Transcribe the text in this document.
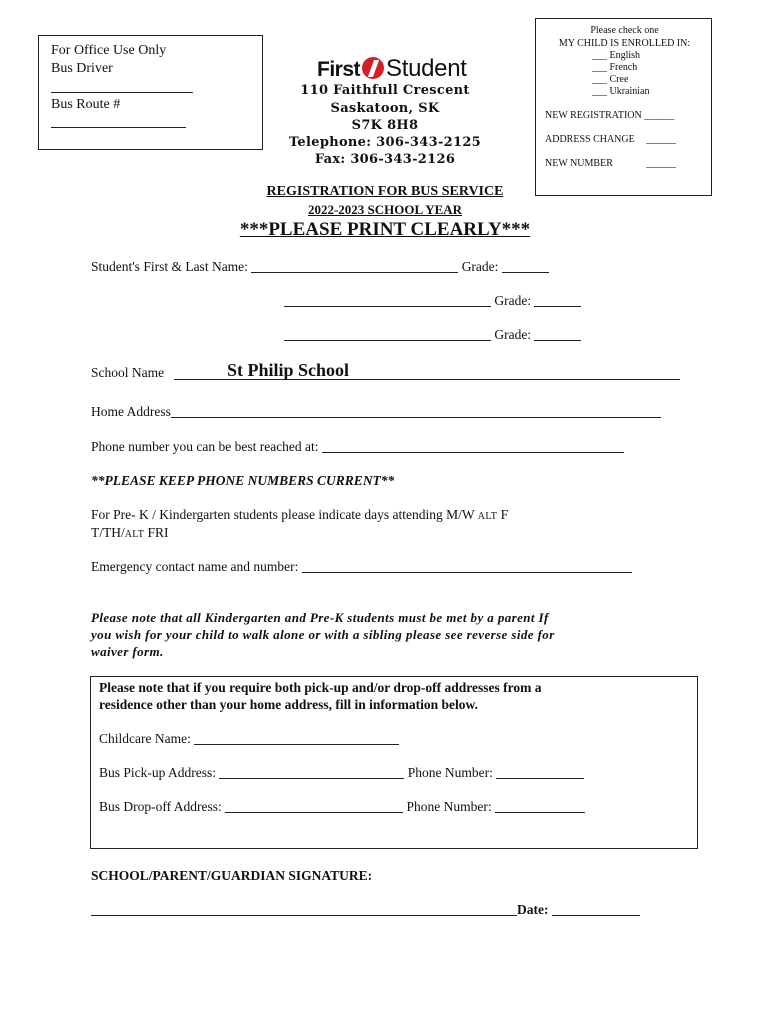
For Office Use Only
Bus Driver
Bus Route #
First Student
110 Faithfull Crescent
Saskatoon, SK
S7K 8H8
Telephone: 306-343-2125
Fax: 306-343-2126
Please check one
MY CHILD IS ENROLLED IN:
___ English
___ French
___ Cree
___ Ukrainian
NEW REGISTRATION ______
ADDRESS CHANGE ______
NEW NUMBER	______
REGISTRATION FOR BUS SERVICE
2022-2023 SCHOOL YEAR
***PLEASE PRINT CLEARLY***
Student's First & Last Name:	Grade:
Grade:
Grade:
School Name	St Philip School
Home Address
Phone number you can be best reached at:
**PLEASE KEEP PHONE NUMBERS CURRENT**
For Pre- K / Kindergarten students please indicate days attending M/W ALT F
T/TH/ALT FRI
Emergency contact name and number:
Please note that all Kindergarten and Pre-K students must be met by a parent If
you wish for your child to walk alone or with a sibling please see reverse side for
waiver form.
Please note that if you require both pick-up and/or drop-off addresses from a
residence other than your home address, fill in information below.
Childcare Name:
Bus Pick-up Address:	Phone Number:
Bus Drop-off Address:	Phone Number:
SCHOOL/PARENT/GUARDIAN SIGNATURE:
Date:
